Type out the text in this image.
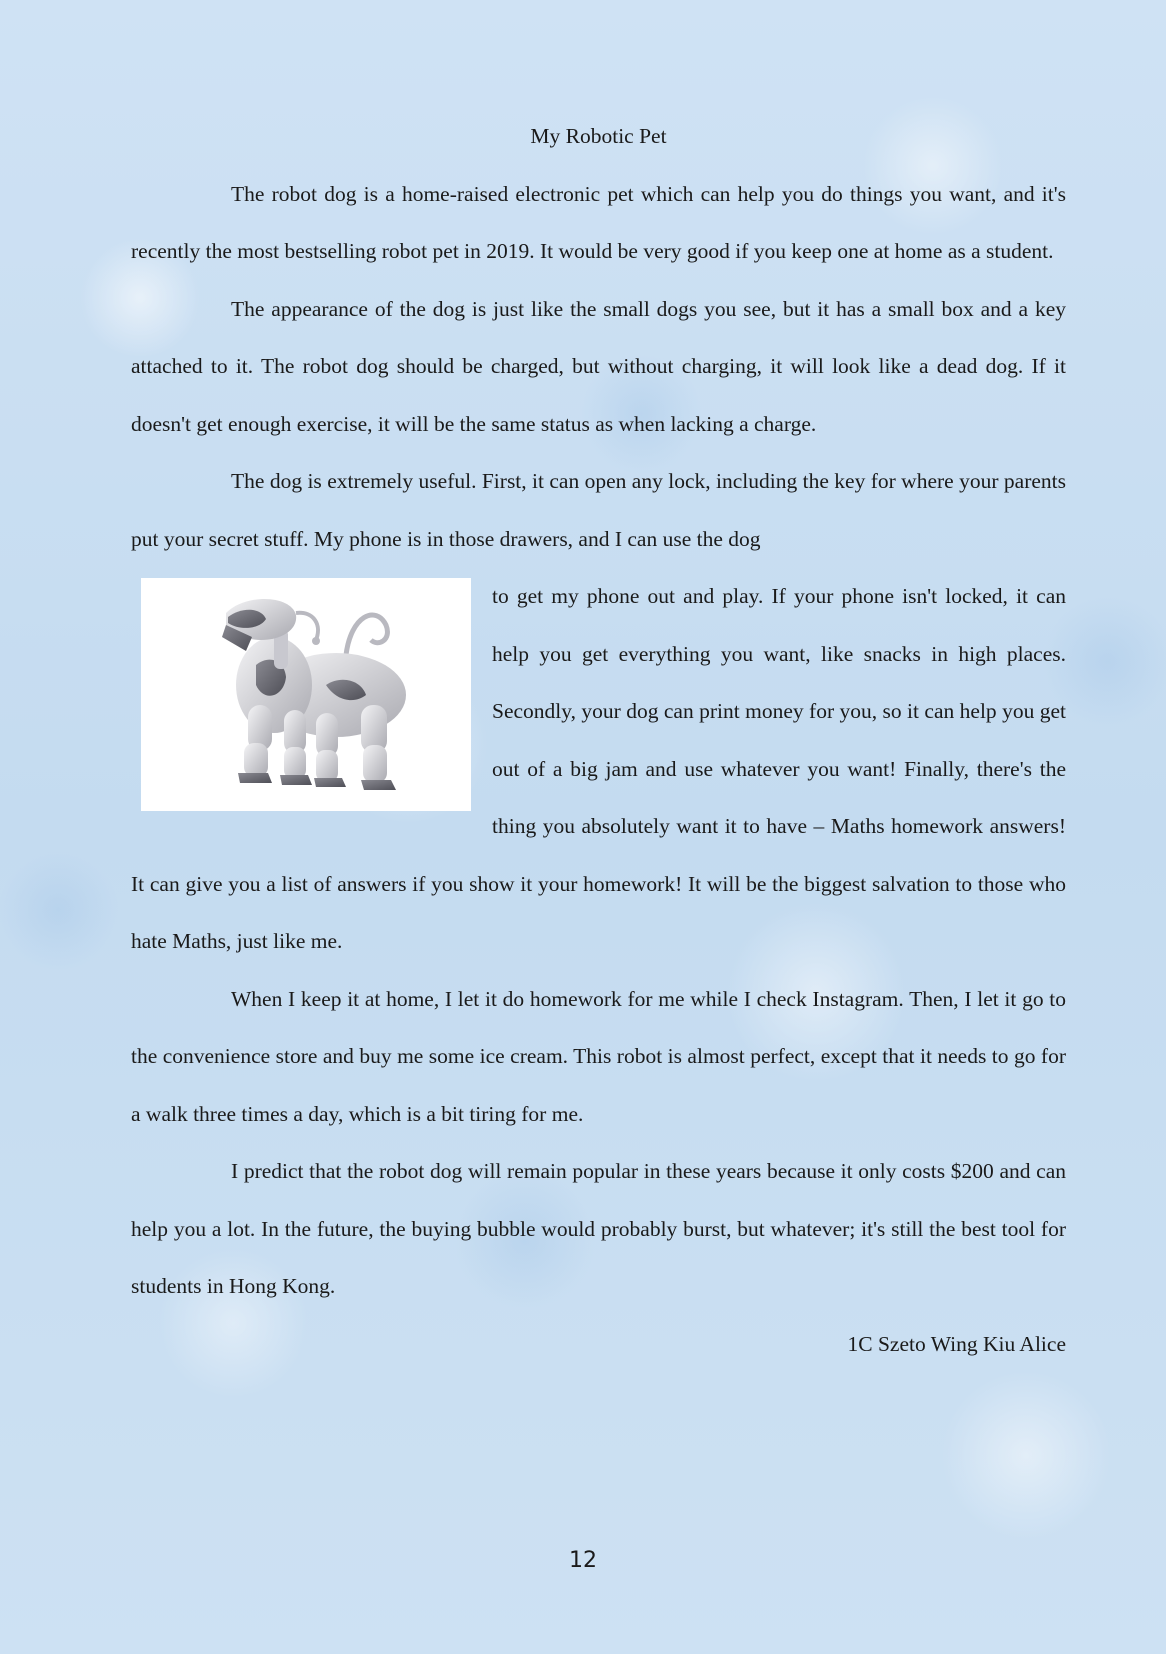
My Robotic Pet

The robot dog is a home-raised electronic pet which can help you do things you want, and it's recently the most bestselling robot pet in 2019. It would be very good if you keep one at home as a student.

The appearance of the dog is just like the small dogs you see, but it has a small box and a key attached to it. The robot dog should be charged, but without charging, it will look like a dead dog. If it doesn't get enough exercise, it will be the same status as when lacking a charge.

The dog is extremely useful. First, it can open any lock, including the key for where your parents put your secret stuff. My phone is in those drawers, and I can use the dog

to get my phone out and play. If your phone isn't locked, it can help you get everything you want, like snacks in high places. Secondly, your dog can print money for you, so it can help you get out of a big jam and use whatever you want! Finally, there's the thing you absolutely want it to have – Maths homework answers! It can give you a list of answers if you show it your homework! It will be the biggest salvation to those who hate Maths, just like me.

When I keep it at home, I let it do homework for me while I check Instagram. Then, I let it go to the convenience store and buy me some ice cream. This robot is almost perfect, except that it needs to go for a walk three times a day, which is a bit tiring for me.

I predict that the robot dog will remain popular in these years because it only costs $200 and can help you a lot. In the future, the buying bubble would probably burst, but whatever; it's still the best tool for students in Hong Kong.

1C Szeto Wing Kiu Alice

12
